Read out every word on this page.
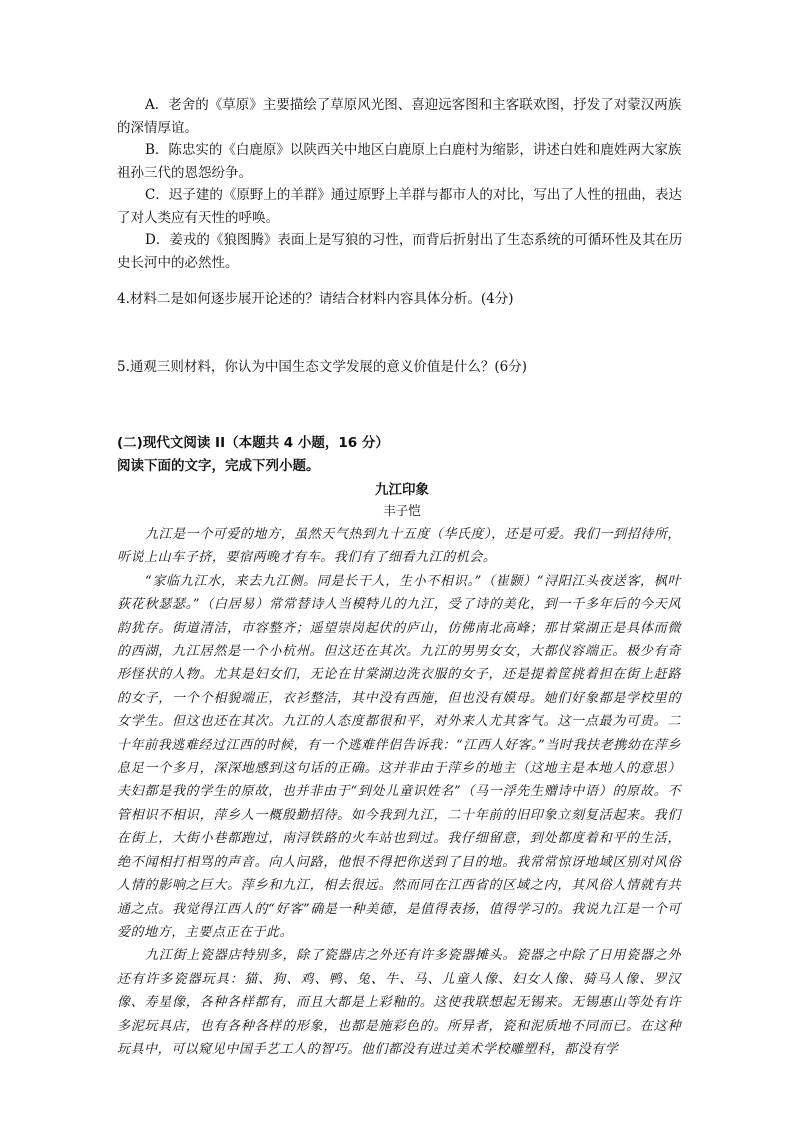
A．老舍的《草原》主要描绘了草原风光图、喜迎远客图和主客联欢图，抒发了对蒙汉两族的深情厚谊。

B．陈忠实的《白鹿原》以陕西关中地区白鹿原上白鹿村为缩影，讲述白姓和鹿姓两大家族祖孙三代的恩怨纷争。

C．迟子建的《原野上的羊群》通过原野上羊群与都市人的对比，写出了人性的扭曲，表达了对人类应有天性的呼唤。

D．姜戎的《狼图腾》表面上是写狼的习性，而背后折射出了生态系统的可循环性及其在历史长河中的必然性。

4.材料二是如何逐步展开论述的？请结合材料内容具体分析。(4分)
5.通观三则材料，你认为中国生态文学发展的意义价值是什么？(6分)
(二)现代文阅读 II（本题共 4 小题，16 分）
阅读下面的文字，完成下列小题。
九江印象
丰子恺

九江是一个可爱的地方，虽然天气热到九十五度（华氏度），还是可爱。我们一到招待所，听说上山车子挤，要宿两晚才有车。我们有了细看九江的机会。

“家临九江水，来去九江侧。同是长干人，生小不相识。”（崔颢）“浔阳江头夜送客，枫叶荻花秋瑟瑟。”（白居易）常常替诗人当模特儿的九江，受了诗的美化，到一千多年后的今天风韵犹存。街道清洁，市容整齐；遥望崇岗起伏的庐山，仿佛南北高峰；那甘棠湖正是具体而微的西湖，九江居然是一个小杭州。但这还在其次。九江的男男女女，大都仪容端正。极少有奇形怪状的人物。尤其是妇女们，无论在甘棠湖边洗衣服的女子，还是提着筐挑着担在街上赶路的女子，一个个相貌端正，衣衫整洁，其中没有西施，但也没有嫫母。她们好象都是学校里的女学生。但这也还在其次。九江的人态度都很和平，对外来人尤其客气。这一点最为可贵。二十年前我逃难经过江西的时候，有一个逃难伴侣告诉我：“江西人好客。”当时我扶老携幼在萍乡息足一个多月，深深地感到这句话的正确。这并非由于萍乡的地主（这地主是本地人的意思）夫妇都是我的学生的原故，也并非由于“到处儿童识姓名”（马一浮先生赠诗中语）的原故。不管相识不相识，萍乡人一概殷勤招待。如今我到九江，二十年前的旧印象立刻复活起来。我们在街上，大街小巷都跑过，南浔铁路的火车站也到过。我仔细留意，到处都度着和平的生活，绝不闻相打相骂的声音。向人问路，他恨不得把你送到了目的地。我常常惊讶地域区别对风俗人情的影响之巨大。萍乡和九江，相去很远。然而同在江西省的区域之内，其风俗人情就有共通之点。我觉得江西人的“好客”确是一种美德，是值得表扬，值得学习的。我说九江是一个可爱的地方，主要点正在于此。

九江街上瓷器店特别多，除了瓷器店之外还有许多瓷器摊头。瓷器之中除了日用瓷器之外还有许多瓷器玩具：猫、狗、鸡、鸭、兔、牛、马、儿童人像、妇女人像、骑马人像、罗汉像、寿星像，各种各样都有，而且大都是上彩釉的。这使我联想起无锡来。无锡惠山等处有许多泥玩具店，也有各种各样的形象，也都是施彩色的。所异者，瓷和泥质地不同而已。在这种玩具中，可以窥见中国手艺工人的智巧。他们都没有进过美术学校雕塑科，都没有学
